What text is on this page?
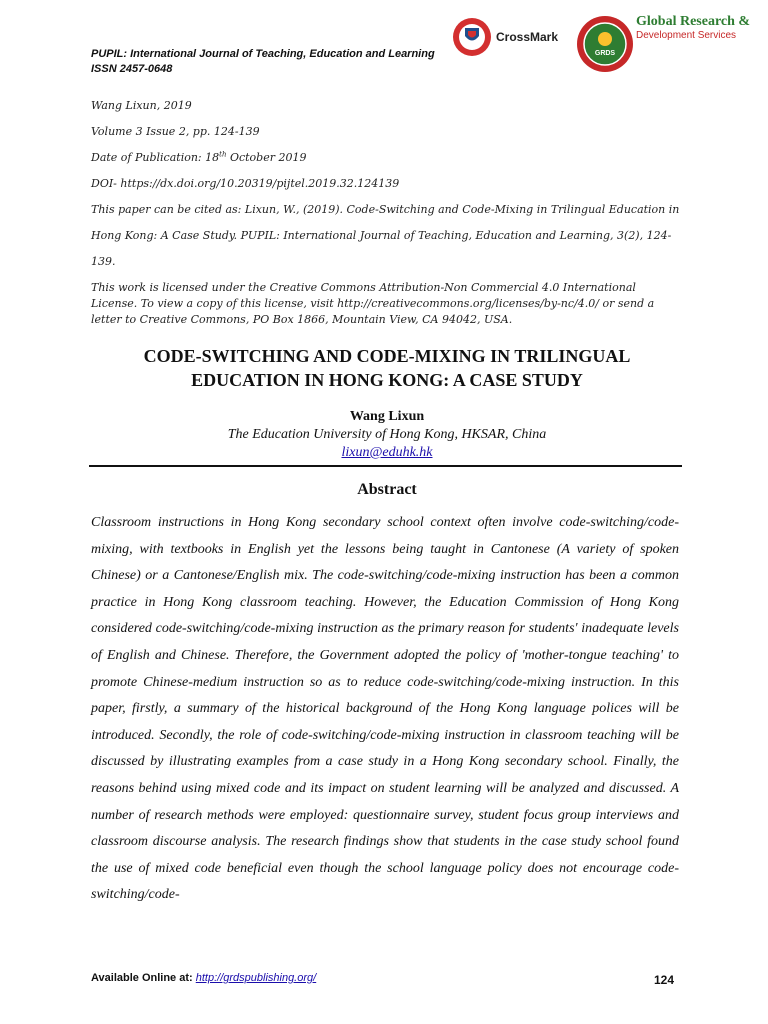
PUPIL: International Journal of Teaching, Education and Learning
ISSN 2457-0648
CrossMark
GRDS
Global Research &
Development Services

Wang Lixun, 2019

Volume 3 Issue 2, pp. 124-139

Date of Publication: 18th October 2019

DOI- https://dx.doi.org/10.20319/pijtel.2019.32.124139

This paper can be cited as: Lixun, W., (2019). Code-Switching and Code-Mixing in Trilingual Education in Hong Kong: A Case Study. PUPIL: International Journal of Teaching, Education and Learning, 3(2), 124-139.

This work is licensed under the Creative Commons Attribution-Non Commercial 4.0 International License. To view a copy of this license, visit http://creativecommons.org/licenses/by-nc/4.0/ or send a letter to Creative Commons, PO Box 1866, Mountain View, CA 94042, USA.

CODE-SWITCHING AND CODE-MIXING IN TRILINGUAL
EDUCATION IN HONG KONG: A CASE STUDY
Wang Lixun
The Education University of Hong Kong, HKSAR, China
lixun@eduhk.hk
Abstract

Classroom instructions in Hong Kong secondary school context often involve code-switching/code-mixing, with textbooks in English yet the lessons being taught in Cantonese (A variety of spoken Chinese) or a Cantonese/English mix. The code-switching/code-mixing instruction has been a common practice in Hong Kong classroom teaching. However, the Education Commission of Hong Kong considered code-switching/code-mixing instruction as the primary reason for students' inadequate levels of English and Chinese. Therefore, the Government adopted the policy of 'mother-tongue teaching' to promote Chinese-medium instruction so as to reduce code-switching/code-mixing instruction. In this paper, firstly, a summary of the historical background of the Hong Kong language polices will be introduced. Secondly, the role of code-switching/code-mixing instruction in classroom teaching will be discussed by illustrating examples from a case study in a Hong Kong secondary school. Finally, the reasons behind using mixed code and its impact on student learning will be analyzed and discussed. A number of research methods were employed: questionnaire survey, student focus group interviews and classroom discourse analysis. The research findings show that students in the case study school found the use of mixed code beneficial even though the school language policy does not encourage code-switching/code-

Available Online at: http://grdspublishing.org/	124
